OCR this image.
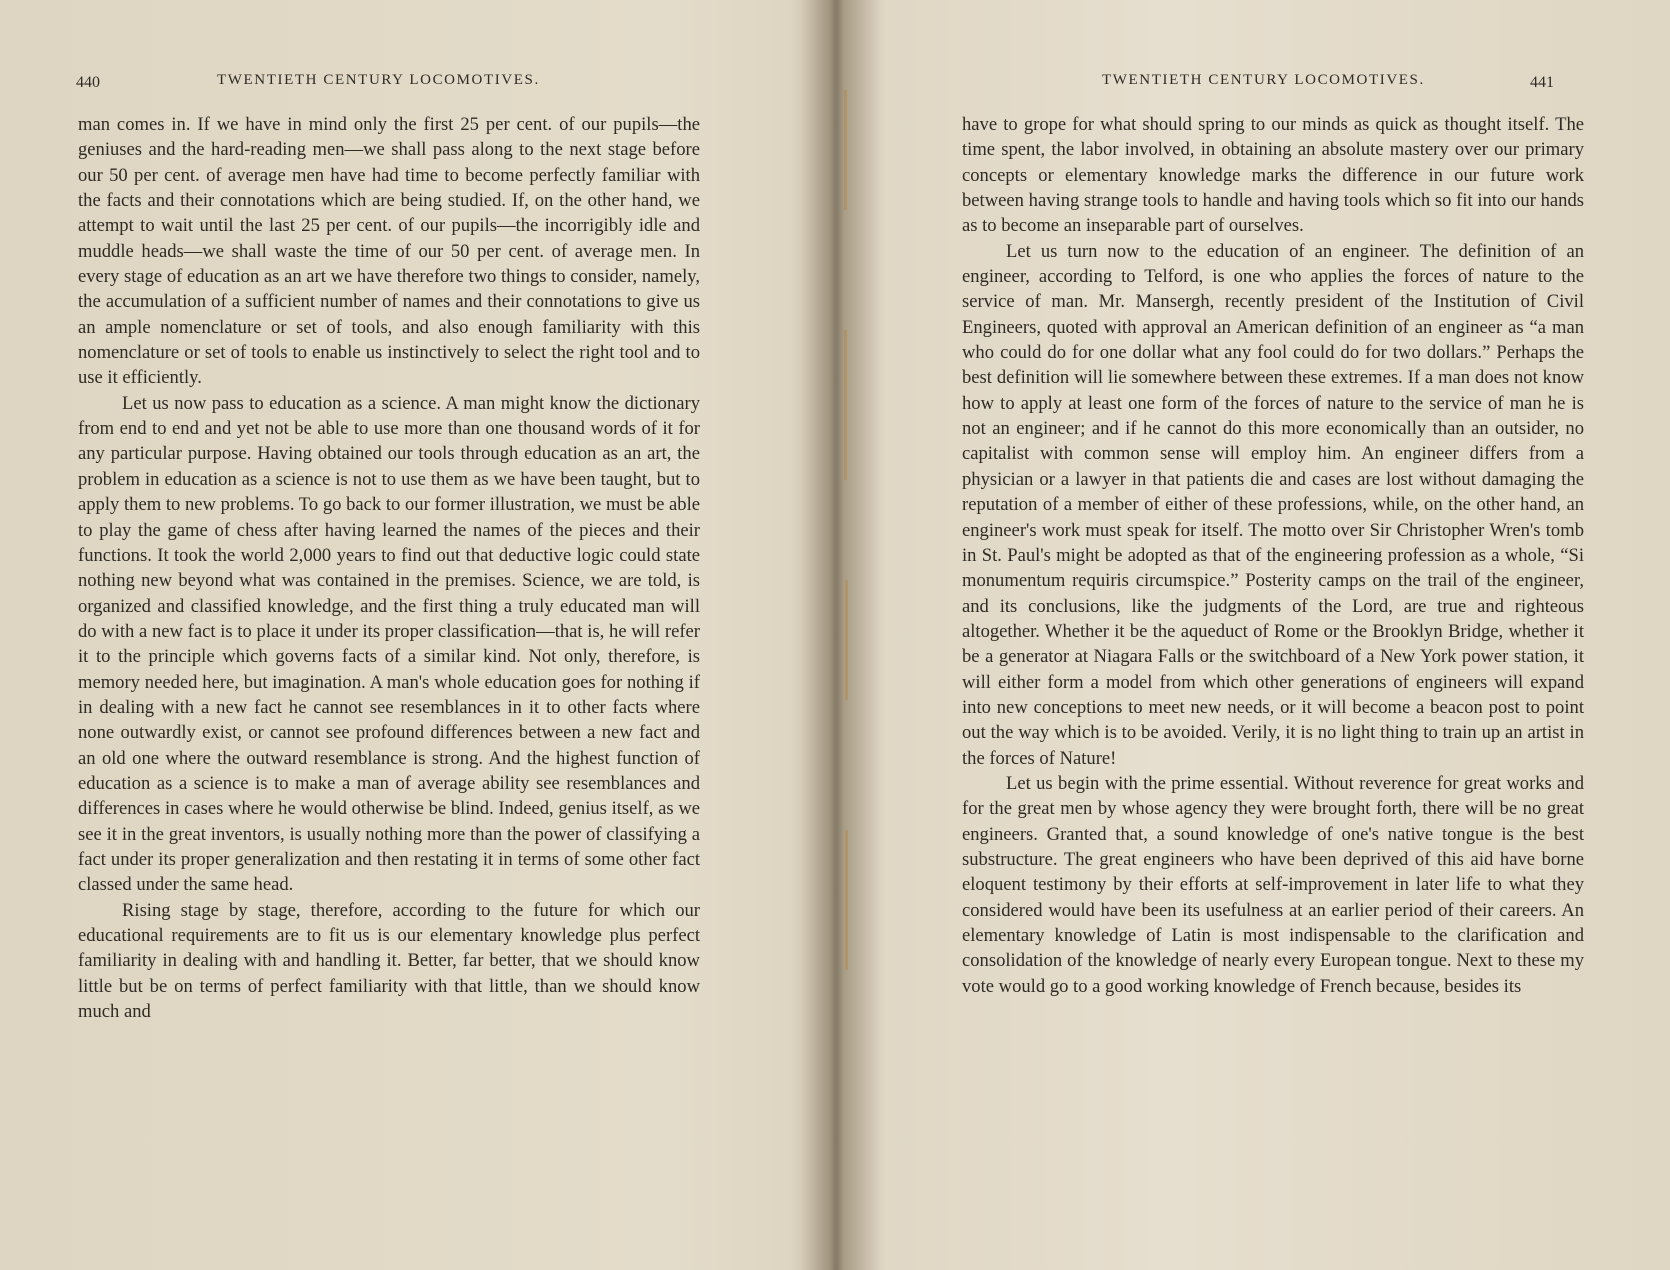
440	TWENTIETH CENTURY LOCOMOTIVES.

man comes in. If we have in mind only the first 25 per cent. of our pupils—the geniuses and the hard-reading men—we shall pass along to the next stage before our 50 per cent. of average men have had time to become perfectly familiar with the facts and their connotations which are being studied. If, on the other hand, we attempt to wait until the last 25 per cent. of our pupils—the incorrigibly idle and muddle heads—we shall waste the time of our 50 per cent. of average men. In every stage of education as an art we have therefore two things to consider, namely, the accumulation of a sufficient number of names and their connotations to give us an ample nomenclature or set of tools, and also enough familiarity with this nomenclature or set of tools to enable us instinctively to select the right tool and to use it efficiently.

Let us now pass to education as a science. A man might know the dictionary from end to end and yet not be able to use more than one thousand words of it for any particular purpose. Having obtained our tools through education as an art, the problem in education as a science is not to use them as we have been taught, but to apply them to new problems. To go back to our former illustration, we must be able to play the game of chess after having learned the names of the pieces and their functions. It took the world 2,000 years to find out that deductive logic could state nothing new beyond what was contained in the premises. Science, we are told, is organized and classified knowledge, and the first thing a truly educated man will do with a new fact is to place it under its proper classification—that is, he will refer it to the principle which governs facts of a similar kind. Not only, therefore, is memory needed here, but imagination. A man's whole education goes for nothing if in dealing with a new fact he cannot see resemblances in it to other facts where none outwardly exist, or cannot see profound differences between a new fact and an old one where the outward resemblance is strong. And the highest function of education as a science is to make a man of average ability see resemblances and differences in cases where he would otherwise be blind. Indeed, genius itself, as we see it in the great inventors, is usually nothing more than the power of classifying a fact under its proper generalization and then restating it in terms of some other fact classed under the same head.

Rising stage by stage, therefore, according to the future for which our educational requirements are to fit us is our elementary knowledge plus perfect familiarity in dealing with and handling it. Better, far better, that we should know little but be on terms of perfect familiarity with that little, than we should know much and

TWENTIETH CENTURY LOCOMOTIVES.	441

have to grope for what should spring to our minds as quick as thought itself. The time spent, the labor involved, in obtaining an absolute mastery over our primary concepts or elementary knowledge marks the difference in our future work between having strange tools to handle and having tools which so fit into our hands as to become an inseparable part of ourselves.

Let us turn now to the education of an engineer. The definition of an engineer, according to Telford, is one who applies the forces of nature to the service of man. Mr. Mansergh, recently president of the Institution of Civil Engineers, quoted with approval an American definition of an engineer as “a man who could do for one dollar what any fool could do for two dollars.” Perhaps the best definition will lie somewhere between these extremes. If a man does not know how to apply at least one form of the forces of nature to the service of man he is not an engineer; and if he cannot do this more economically than an outsider, no capitalist with common sense will employ him. An engineer differs from a physician or a lawyer in that patients die and cases are lost without damaging the reputation of a member of either of these professions, while, on the other hand, an engineer's work must speak for itself. The motto over Sir Christopher Wren's tomb in St. Paul's might be adopted as that of the engineering profession as a whole, “Si monumentum requiris circumspice.” Posterity camps on the trail of the engineer, and its conclusions, like the judgments of the Lord, are true and righteous altogether. Whether it be the aqueduct of Rome or the Brooklyn Bridge, whether it be a generator at Niagara Falls or the switchboard of a New York power station, it will either form a model from which other generations of engineers will expand into new conceptions to meet new needs, or it will become a beacon post to point out the way which is to be avoided. Verily, it is no light thing to train up an artist in the forces of Nature!

Let us begin with the prime essential. Without reverence for great works and for the great men by whose agency they were brought forth, there will be no great engineers. Granted that, a sound knowledge of one's native tongue is the best substructure. The great engineers who have been deprived of this aid have borne eloquent testimony by their efforts at self-improvement in later life to what they considered would have been its usefulness at an earlier period of their careers. An elementary knowledge of Latin is most indispensable to the clarification and consolidation of the knowledge of nearly every European tongue. Next to these my vote would go to a good working knowledge of French because, besides its
